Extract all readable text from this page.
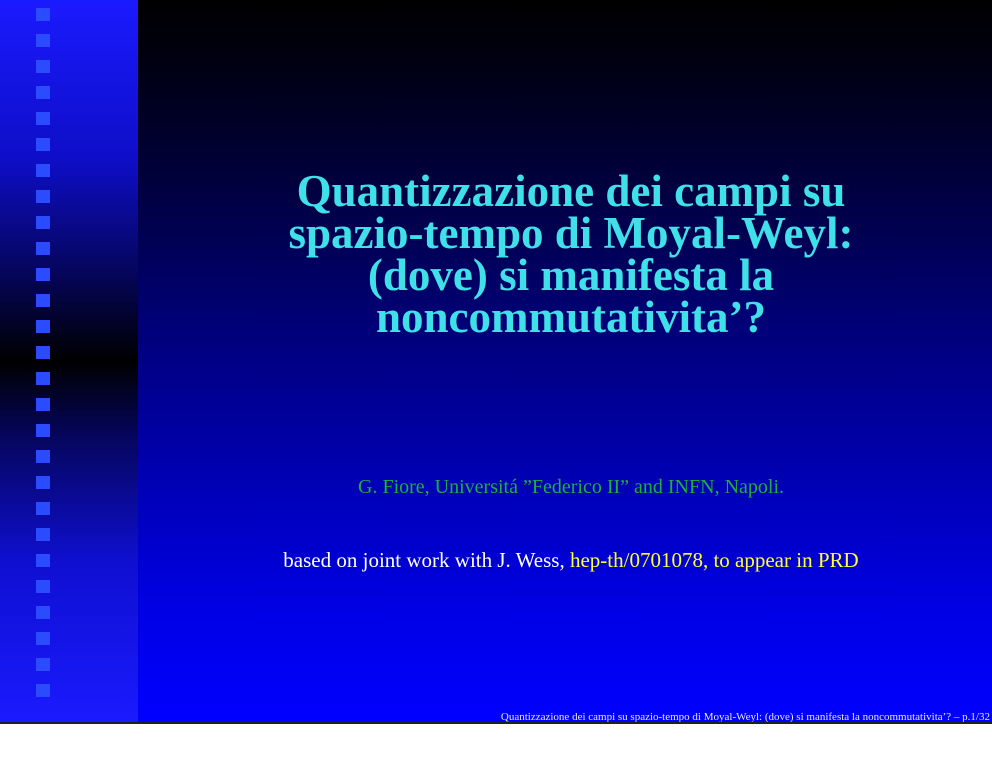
Quantizzazione dei campi su
spazio-tempo di Moyal-Weyl:
(dove) si manifesta la
noncommutativita’?
G. Fiore, Universitá ”Federico II” and INFN, Napoli.
based on joint work with J. Wess, hep-th/0701078, to appear in PRD
Quantizzazione dei campi su spazio-tempo di Moyal-Weyl: (dove) si manifesta la noncommutativita’? – p.1/32
